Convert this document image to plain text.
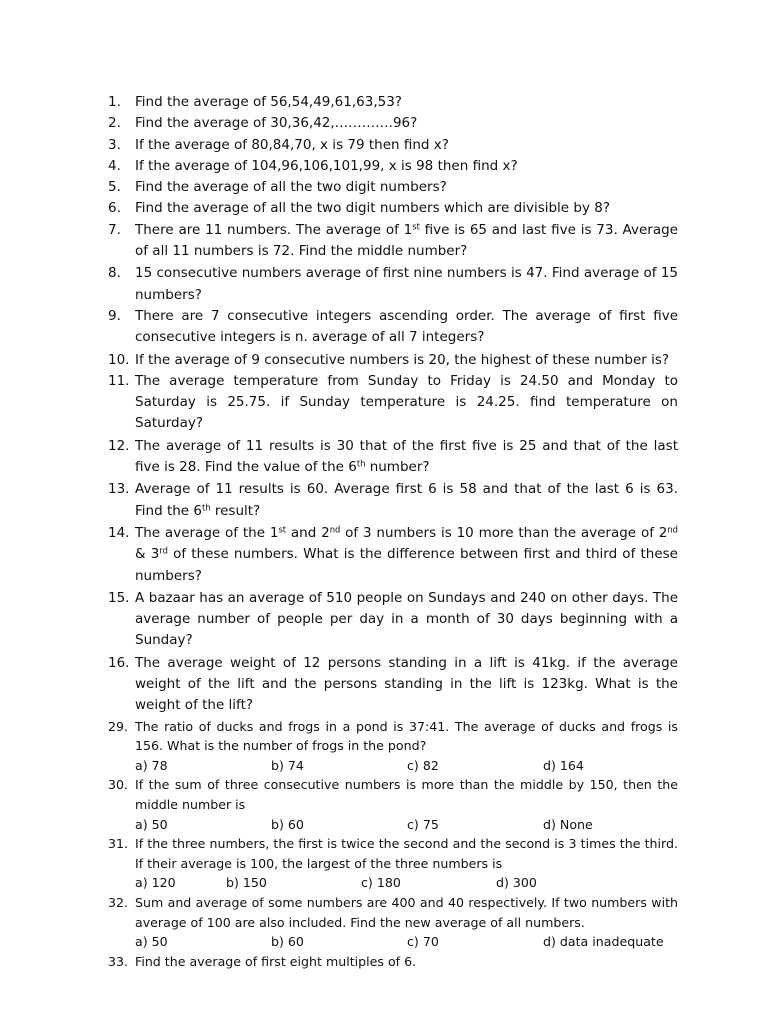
1.	Find the average of 56,54,49,61,63,53?
2.	Find the average of 30,36,42,………….96?
3.	If the average of 80,84,70, x is 79 then find x?
4.	If the average of 104,96,106,101,99, x is 98 then find x?
5.	Find the average of all the two digit numbers?
6.	Find the average of all the two digit numbers which are divisible by 8?
7.	There are 11 numbers. The average of 1st five is 65 and last five is 73. Average of all 11 numbers is 72. Find the middle number?
8.	15 consecutive numbers average of first nine numbers is 47. Find average of 15 numbers?
9.	There are 7 consecutive integers ascending order. The average of first five consecutive integers is n. average of all 7 integers?
10. If the average of 9 consecutive numbers is 20, the highest of these number is?
11. The average temperature from Sunday to Friday is 24.50 and Monday to Saturday is 25.75. if Sunday temperature is 24.25. find temperature on Saturday?
12. The average of 11 results is 30 that of the first five is 25 and that of the last five is 28. Find the value of the 6th number?
13. Average of 11 results is 60. Average first 6 is 58 and that of the last 6 is 63. Find the 6th result?
14. The average of the 1st and 2nd of 3 numbers is 10 more than the average of 2nd & 3rd of these numbers. What is the difference between first and third of these numbers?
15. A bazaar has an average of 510 people on Sundays and 240 on other days. The average number of people per day in a month of 30 days beginning with a Sunday?
16. The average weight of 12 persons standing in a lift is 41kg. if the average weight of the lift and the persons standing in the lift is 123kg. What is the weight of the lift?
29. The ratio of ducks and frogs in a pond is 37:41. The average of ducks and frogs is 156. What is the number of frogs in the pond?
a) 78	b) 74	c) 82	d) 164
30. If the sum of three consecutive numbers is more than the middle by 150, then the middle number is
a) 50	b) 60	c) 75	d) None
31. If the three numbers, the first is twice the second and the second is 3 times the third. If their average is 100, the largest of the three numbers is
a) 120	b) 150	c) 180	d) 300
32. Sum and average of some numbers are 400 and 40 respectively. If two numbers with average of 100 are also included. Find the new average of all numbers.
a) 50	b) 60	c) 70	d) data inadequate
33. Find the average of first eight multiples of 6.
